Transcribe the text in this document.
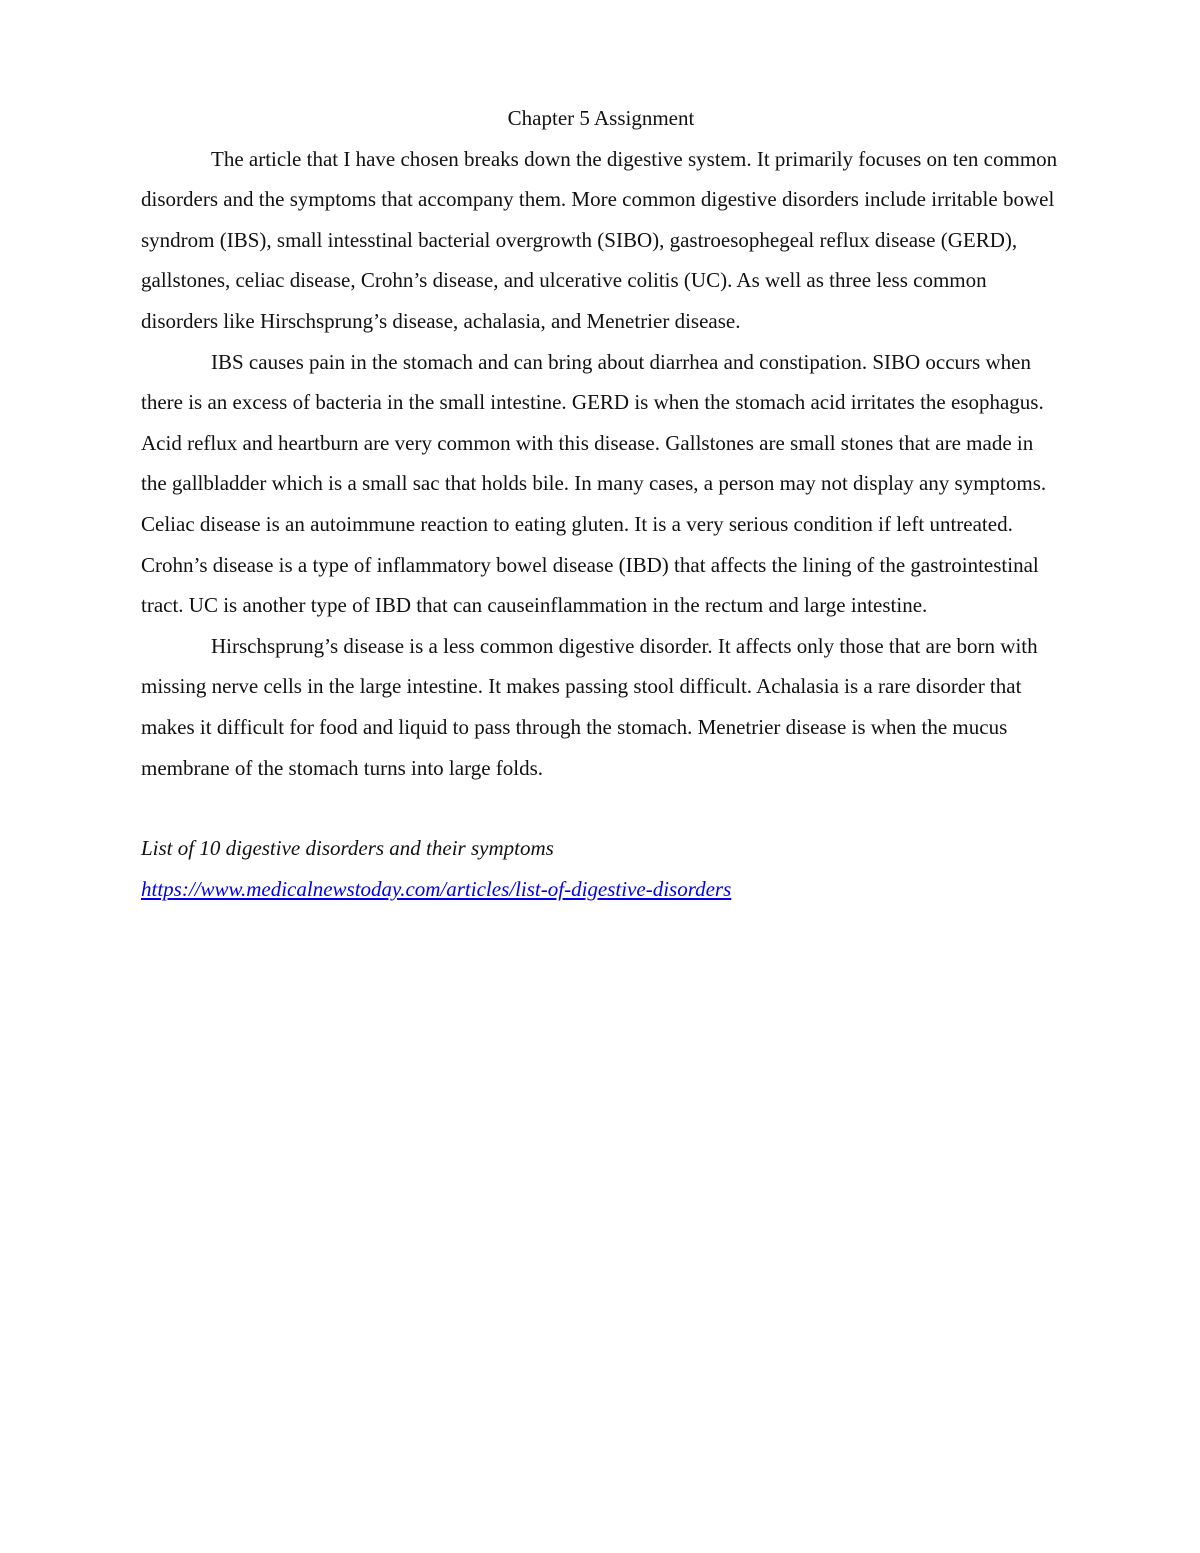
Chapter 5 Assignment

The article that I have chosen breaks down the digestive system. It primarily focuses on ten common disorders and the symptoms that accompany them. More common digestive disorders include irritable bowel syndrom (IBS), small intesstinal bacterial overgrowth (SIBO), gastroesophegeal reflux disease (GERD), gallstones, celiac disease, Crohn’s disease, and ulcerative colitis (UC). As well as three less common disorders like Hirschsprung’s disease, achalasia, and Menetrier disease.

IBS causes pain in the stomach and can bring about diarrhea and constipation. SIBO occurs when there is an excess of bacteria in the small intestine. GERD is when the stomach acid irritates the esophagus. Acid reflux and heartburn are very common with this disease. Gallstones are small stones that are made in the gallbladder which is a small sac that holds bile. In many cases, a person may not display any symptoms. Celiac disease is an autoimmune reaction to eating gluten. It is a very serious condition if left untreated. Crohn’s disease is a type of inflammatory bowel disease (IBD) that affects the lining of the gastrointestinal tract. UC is another type of IBD that can causeinflammation in the rectum and large intestine.

Hirschsprung’s disease is a less common digestive disorder. It affects only those that are born with missing nerve cells in the large intestine. It makes passing stool difficult. Achalasia is a rare disorder that makes it difficult for food and liquid to pass through the stomach. Menetrier disease is when the mucus membrane of the stomach turns into large folds.

List of 10 digestive disorders and their symptoms

https://www.medicalnewstoday.com/articles/list-of-digestive-disorders
